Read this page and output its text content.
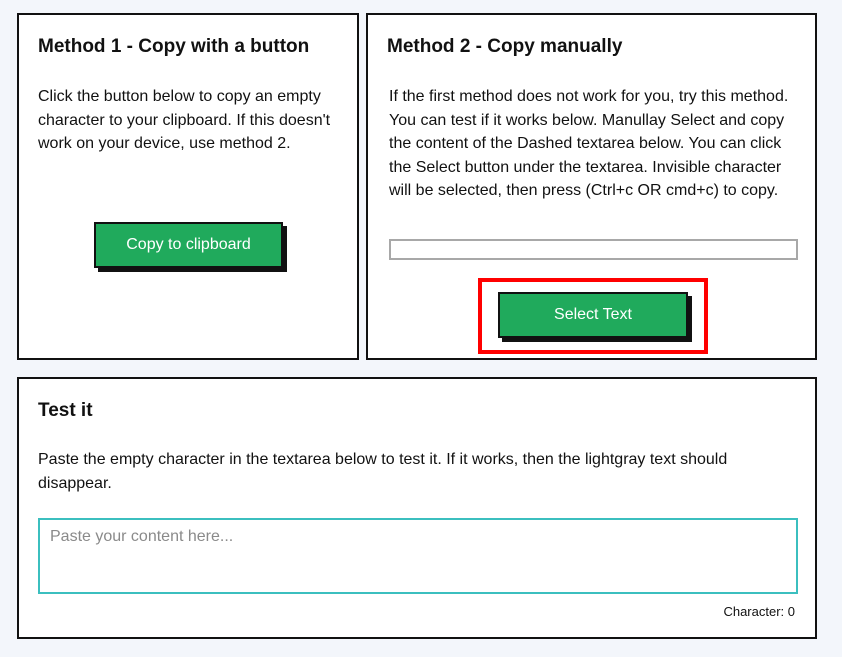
Method 1 - Copy with a button

Click the button below to copy an empty character to your clipboard. If this doesn't work on your device, use method 2.

Copy to clipboard
Method 2 - Copy manually

If the first method does not work for you, try this method. You can test if it works below. Manullay Select and copy the content of the Dashed textarea below. You can click the Select button under the textarea. Invisible character will be selected, then press (Ctrl+c OR cmd+c) to copy.

Select Text
Test it

Paste the empty character in the textarea below to test it. If it works, then the lightgray text should disappear.

Paste your content here...
Character: 0
